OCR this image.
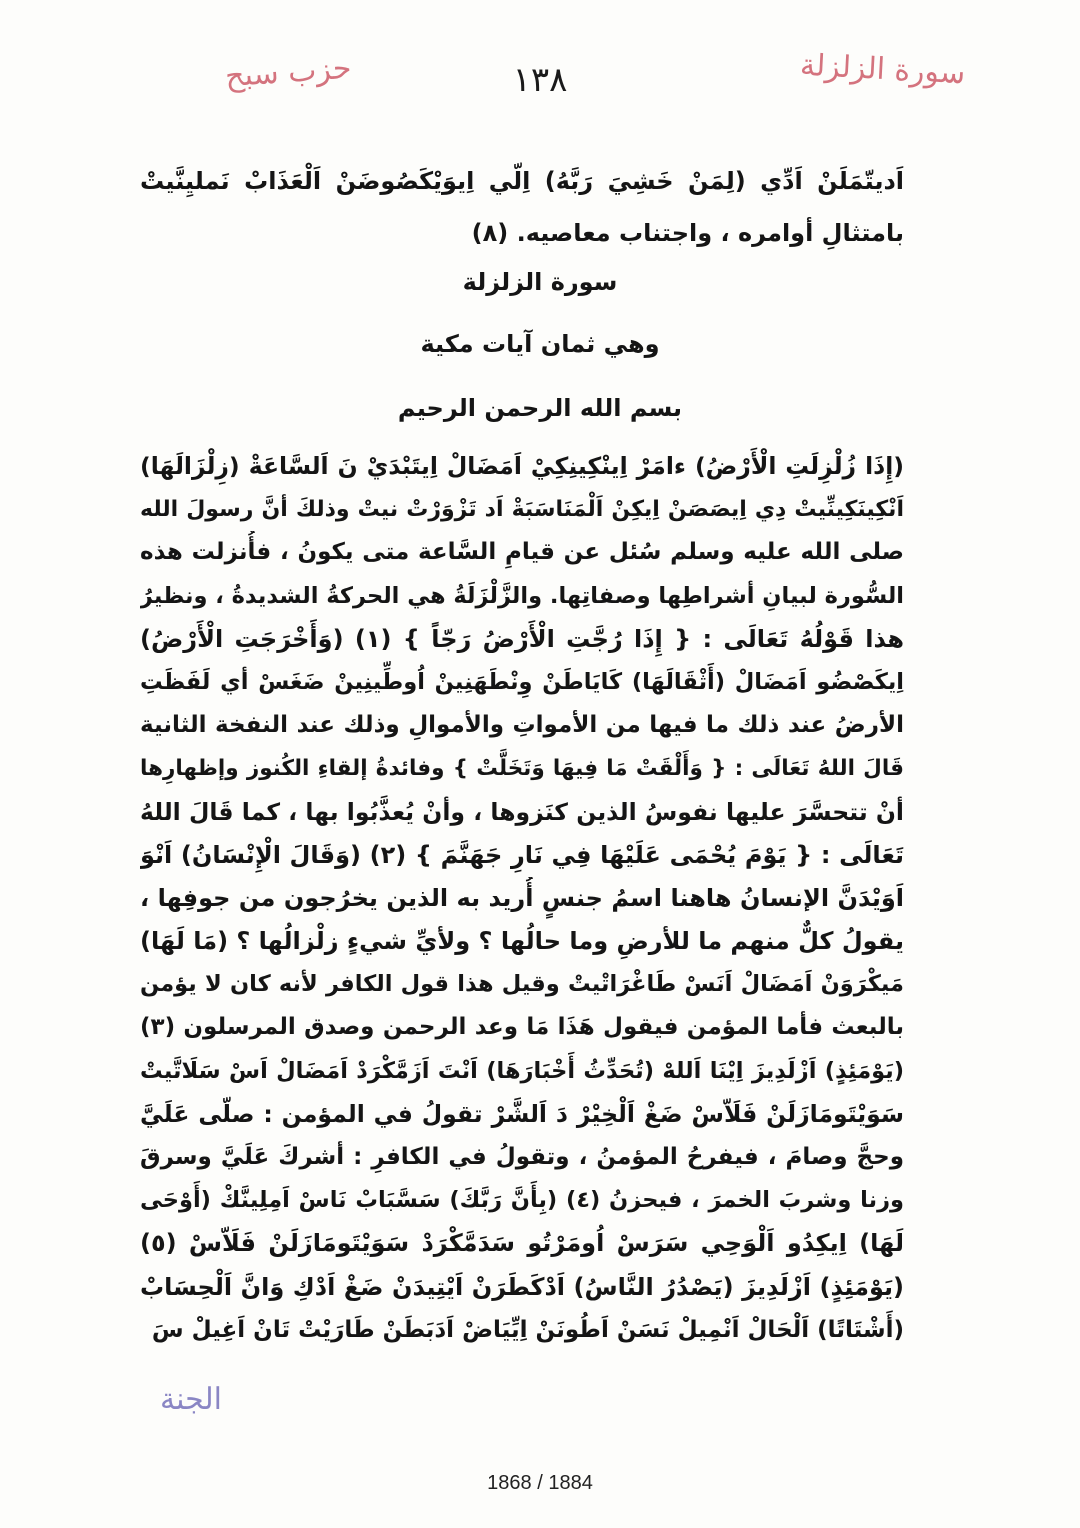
١٣٨
حزب سبح	سورة الزلزلة
اَديتّمَلَنْ اَدِّي (لِمَنْ خَشِيَ رَبَّهُ) اِلّي اِيوَيْكَصُوضَنْ اَلْعَذَابْ نَمليِنَّيتْ بامتثالِ أوامره ، واجتناب معاصيه. (٨)
سورة الزلزلة
وهي ثمان آيات مكية
بسم الله الرحمن الرحيم
(إِذَا زُلْزِلَتِ الْأَرْضُ) ءامَرْ اِينْكِينِكِيْ اَمَضَالْ اِيتَبْدَيْ نَ اَلسَّاعَةْ (زِلْزَالَهَا)
اَنْكِينَكِينِّيتْ دِي اِيصَصَنْ اِيكِنْ اَلْمَنَاسَبَةْ اَد تَزْوَرْتْ نيتْ وذلكَ أنَّ رسولَ الله
صلى الله عليه وسلم سُئل عن قيامِ السَّاعة متى يكونُ ، فأُنزلت هذه
السُّورة لبيانِ أشراطِها وصفاتِها. والزَّلْزَلَةُ هي الحركةُ الشديدةُ ، ونظيرُ
هذا قَوْلُهُ تَعَالَى : { إِذَا رُجَّتِ الْأَرْضُ رَجّاً } (١) (وَأَخْرَجَتِ الْأَرْضُ)
اِيكَصْضُو اَمَضَالْ (أَثْقَالَهَا) كَايَاطَنْ وِنْطَهَنِينْ اُوطِّينِينْ ضَغَسْ أي لَفَظَتِ
الأرضُ عند ذلك ما فيها من الأمواتِ والأموالِ وذلك عند النفخة الثانية
قَالَ اللهُ تَعَالَى : { وَأَلْقَتْ مَا فِيهَا وَتَخَلَّتْ } وفائدةُ إلقاءِ الكُنوز وإظهارِها
أنْ تتحسَّرَ عليها نفوسُ الذين كنَزوها ، وأنْ يُعذَّبُوا بها ، كما قَالَ اللهُ
تَعَالَى : { يَوْمَ يُحْمَى عَلَيْهَا فِي نَارِ جَهَنَّمَ } (٢) (وَقَالَ الْإِنْسَانُ) اَنْوَ
اَوَيْدَنَّ الإنسانُ هاهنا اسمُ جنسٍ أُريد به الذين يخرُجون من جوفِها ،
يقولُ كلٌّ منهم ما للأرضِ وما حالُها ؟ ولأيِّ شيءٍ زلْزالُها ؟ (مَا لَهَا)
مَيكْرَوَنْ اَمَضَالْ اَنَسْ طَاغْرَاتْيتْ وقيل هذا قول الكافر لأنه كان لا يؤمن
بالبعث فأما المؤمن فيقول هَذَا مَا وعد الرحمن وصدق المرسلون (٣)
(يَوْمَئِذٍ) اَزْلَدِيزَ اِيْنَا اَللهْ (تُحَدِّثُ أَخْبَارَهَا) اَنْتَ اَزَمَّكْرَدْ اَمَضَالْ اَسْ سَلَاتَّيتْ
سَوَيْتَومَازَلَنْ فَلَاّسْ ضَغْ اَلْخِيْرْ دَ اَلشَّرْ تقولُ في المؤمن : صلّى عَلَيَّ
وحجَّ وصامَ ، فيفرحُ المؤمنُ ، وتقولُ في الكافرِ : أشركَ عَلَيَّ وسرقَ
وزنا وشربَ الخمرَ ، فيحزنُ (٤) (بِأَنَّ رَبَّكَ) سَسَّبَابْ نَاسْ اَمِلِينَّكْ (أَوْحَى
لَهَا) اِيكِدُو اَلْوَحِي سَرَسْ اُومَرْتُو سَدَمَّكْرَدْ سَوَيْتَومَازَلَنْ فَلَاّسْ (٥)
(يَوْمَئِذٍ) اَزْلَدِيزَ (يَصْدُرُ النَّاسُ) اَدْكَطَرَنْ اَيْتِيدَنْ ضَغْ اَدْكِ وَانَّ اَلْحِسَابْ
(أَشْتَاتًا) اَلْحَالْ اَنْمِيلْ نَسَنْ اَطُونَنْ اِيِّيَاضْ اَدَبَطَنْ طَارَيْتْ تَانْ اَغِيلْ سَ
الجنة
1868 / 1884
